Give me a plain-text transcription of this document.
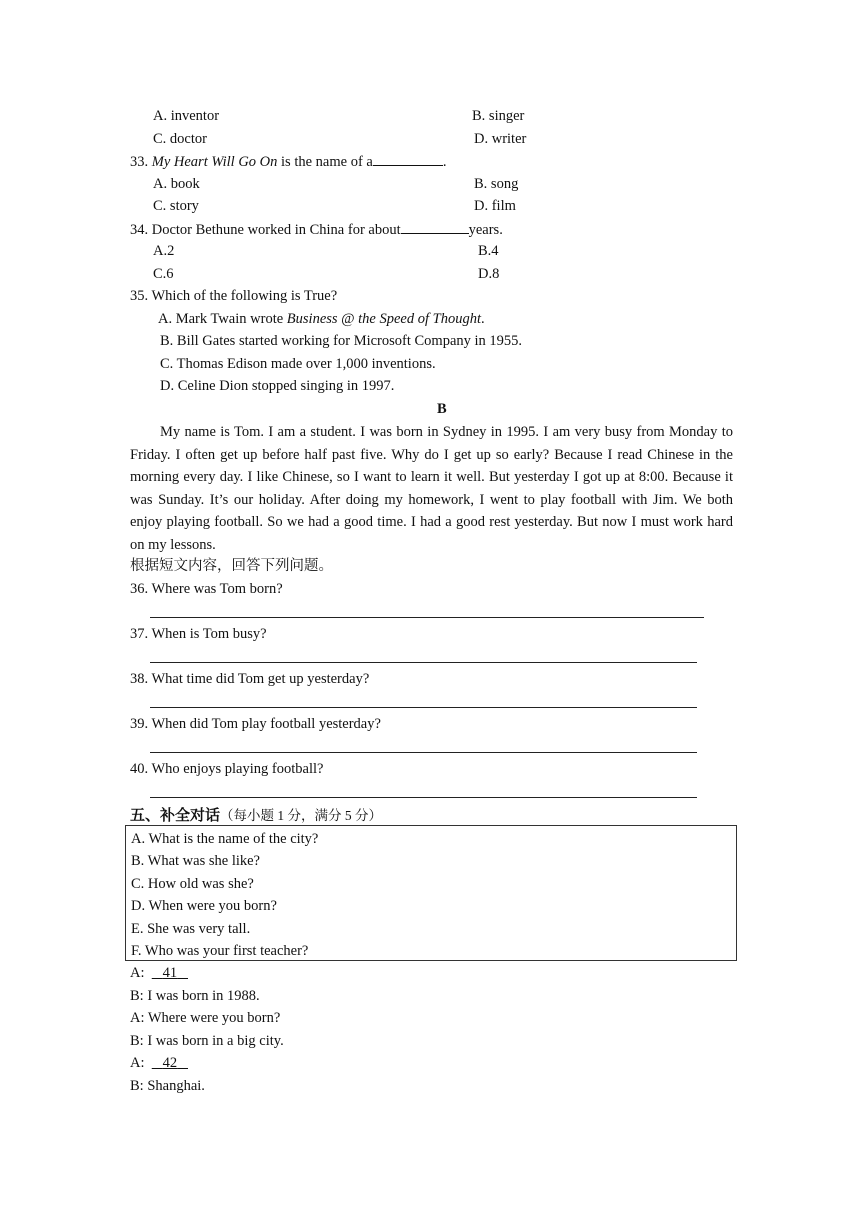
A. inventor	B. singer
C. doctor	D. writer
33. My Heart Will Go On is the name of a	.
A. book	B. song
C. story	D. film
34. Doctor Bethune worked in China for about	years.
A.2	B.4
C.6	D.8
35. Which of the following is True?
A. Mark Twain wrote Business @ the Speed of Thought.
B. Bill Gates started working for Microsoft Company in 1955.
C. Thomas Edison made over 1,000 inventions.
D. Celine Dion stopped singing in 1997.
B
My name is Tom. I am a student. I was born in Sydney in 1995. I am very busy from Monday to Friday. I often get up before half past five. Why do I get up so early? Because I read Chinese in the morning every day. I like Chinese, so I want to learn it well. But yesterday I got up at 8:00. Because it was Sunday. It’s our holiday. After doing my homework, I went to play football with Jim. We both enjoy playing football. So we had a good time. I had a good rest yesterday. But now I must work hard on my lessons.
根据短文内容，回答下列问题。
36. Where was Tom born?
37. When is Tom busy?
38. What time did Tom get up yesterday?
39. When did Tom play football yesterday?
40. Who enjoys playing football?
五、补全对话（每小题 1 分，满分 5 分）
A. What is the name of the city?
B. What was she like?
C. How old was she?
D. When were you born?
E. She was very tall.
F. Who was your first teacher?
A: 41
B: I was born in 1988.
A: Where were you born?
B: I was born in a big city.
A: 42
B: Shanghai.
